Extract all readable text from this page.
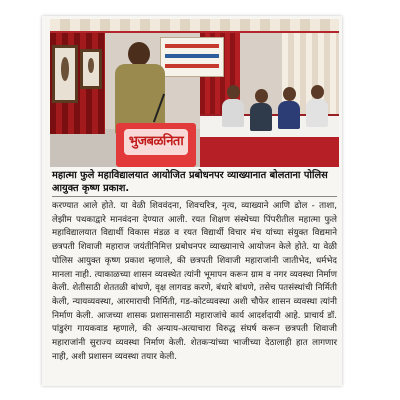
भुजबळनिता
महात्मा फुले महाविद्यालयात आयोजित प्रबोधनपर व्याख्यानात बोलताना पोलिस आयुक्त कृष्ण प्रकाश.
करण्यात आले होते. या वेळी शिववंदना, शिवचरित्र, नृत्य, व्याख्याने आणि ढोल - ताशा, लेझीम पथकाद्वारे मानवंदना देण्यात आली. रयत शिक्षण संस्थेच्या पिंपरीतील महात्मा फुले महाविद्यालयात विद्यार्थी विकास मंडळ व रयत विद्यार्थी विचार मंच यांच्या संयुक्त विद्यमाने छत्रपती शिवाजी महाराज जयंतीनिमित्त प्रबोधनपर व्याख्यानाचे आयोजन केले होते. या वेळी पोलिस आयुक्त कृष्ण प्रकाश म्हणाले, की छत्रपती शिवाजी महाराजांनी जातीभेद, धर्मभेद मानला नाही. त्याकाळच्या शासन व्यवस्थेत त्यांनी भूमापन करून ग्राम व नगर व्यवस्था निर्माण केली. शेतीसाठी शेततळी बांधणे, वृक्ष लागवड करणे, बंधारे बांधणे, तसेच पतसंस्थांची निर्मिती केली, न्यायव्यवस्था, आरमाराची निर्मिती, गड-कोटव्यवस्था अशी चौफेर शासन व्यवस्था त्यांनी निर्माण केली. आजच्या शासक प्रशासनासाठी महाराजांचे कार्य आदर्शदायी आहे. प्राचार्य डॉ. पांडुरंग गायकवाड म्हणाले, की अन्याय-अत्याचारा विरुद्ध संघर्ष करून छत्रपती शिवाजी महाराजांनी सुराज्य व्यवस्था निर्माण केली. शेतकऱ्यांच्या भाजीच्या देठालाही हात लागणार नाही, अशी प्रशासन व्यवस्था तयार केली.
